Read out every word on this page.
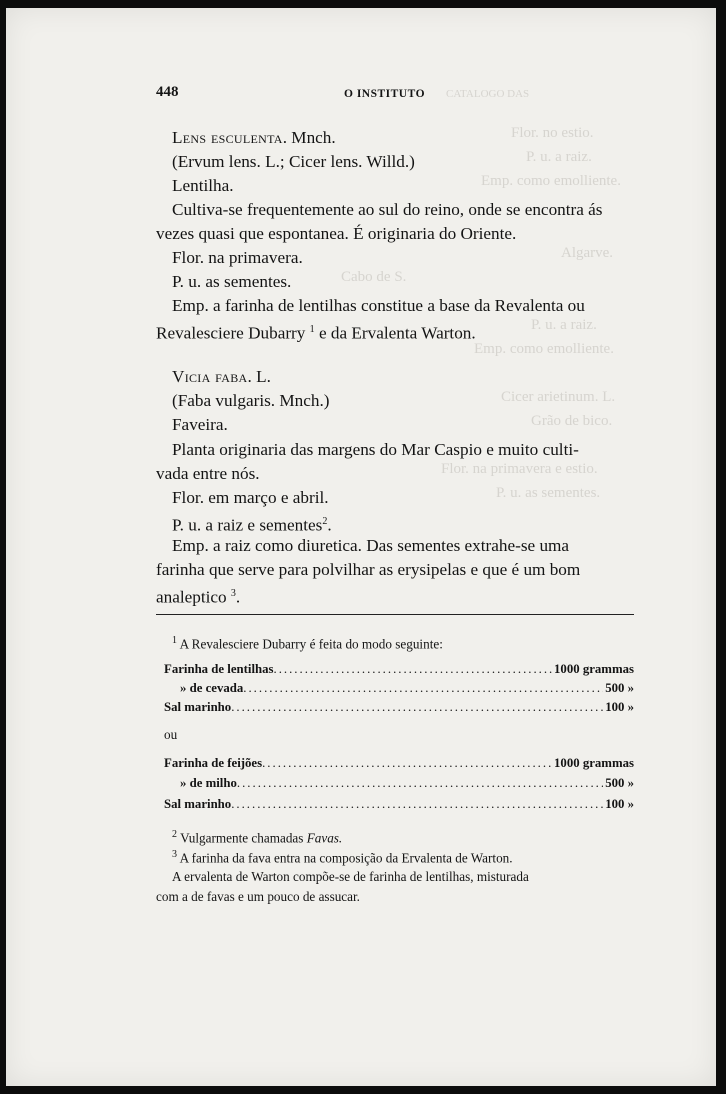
CATALOGO DAS
Flor. no estio.
P. u. a raiz.
Emp. como emolliente.
Algarve.
Cabo de S.
P. u. a raiz.
Emp. como emolliente.
Cicer arietinum. L.
Grão de bico.
Flor. na primavera e estio.
P. u. as sementes.
448	O INSTITUTO
Lens esculenta. Mnch.
(Ervum lens. L.; Cicer lens. Willd.)
Lentilha.
Cultiva-se frequentemente ao sul do reino, onde se encontra ás
vezes quasi que espontanea. É originaria do Oriente.
Flor. na primavera.
P. u. as sementes.
Emp. a farinha de lentilhas constitue a base da Revalenta ou
Revalesciere Dubarry $^1$ e da Ervalenta Warton.
Vicia faba. L.
(Faba vulgaris. Mnch.)
Faveira.
Planta originaria das margens do Mar Caspio e muito culti-
vada entre nós.
Flor. em março e abril.
P. u. a raiz e sementes$^2$.
Emp. a raiz como diuretica. Das sementes extrahe-se uma
farinha que serve para polvilhar as erysipelas e que é um bom
analeptico $^3$.
$^1$ A Revalesciere Dubarry é feita do modo seguinte:
Farinha de lentilhas .....	1000 grammas
» de cevada .....	500 »
Sal marinho .....	100 »
ou
Farinha de feijões .....	1000 grammas
» de milho .....	500 »
Sal marinho .....	100 »
$^2$ Vulgarmente chamadas Favas.
$^3$ A farinha da fava entra na composição da Ervalenta de Warton.
A ervalenta de Warton compõe-se de farinha de lentilhas, misturada
com a de favas e um pouco de assucar.
